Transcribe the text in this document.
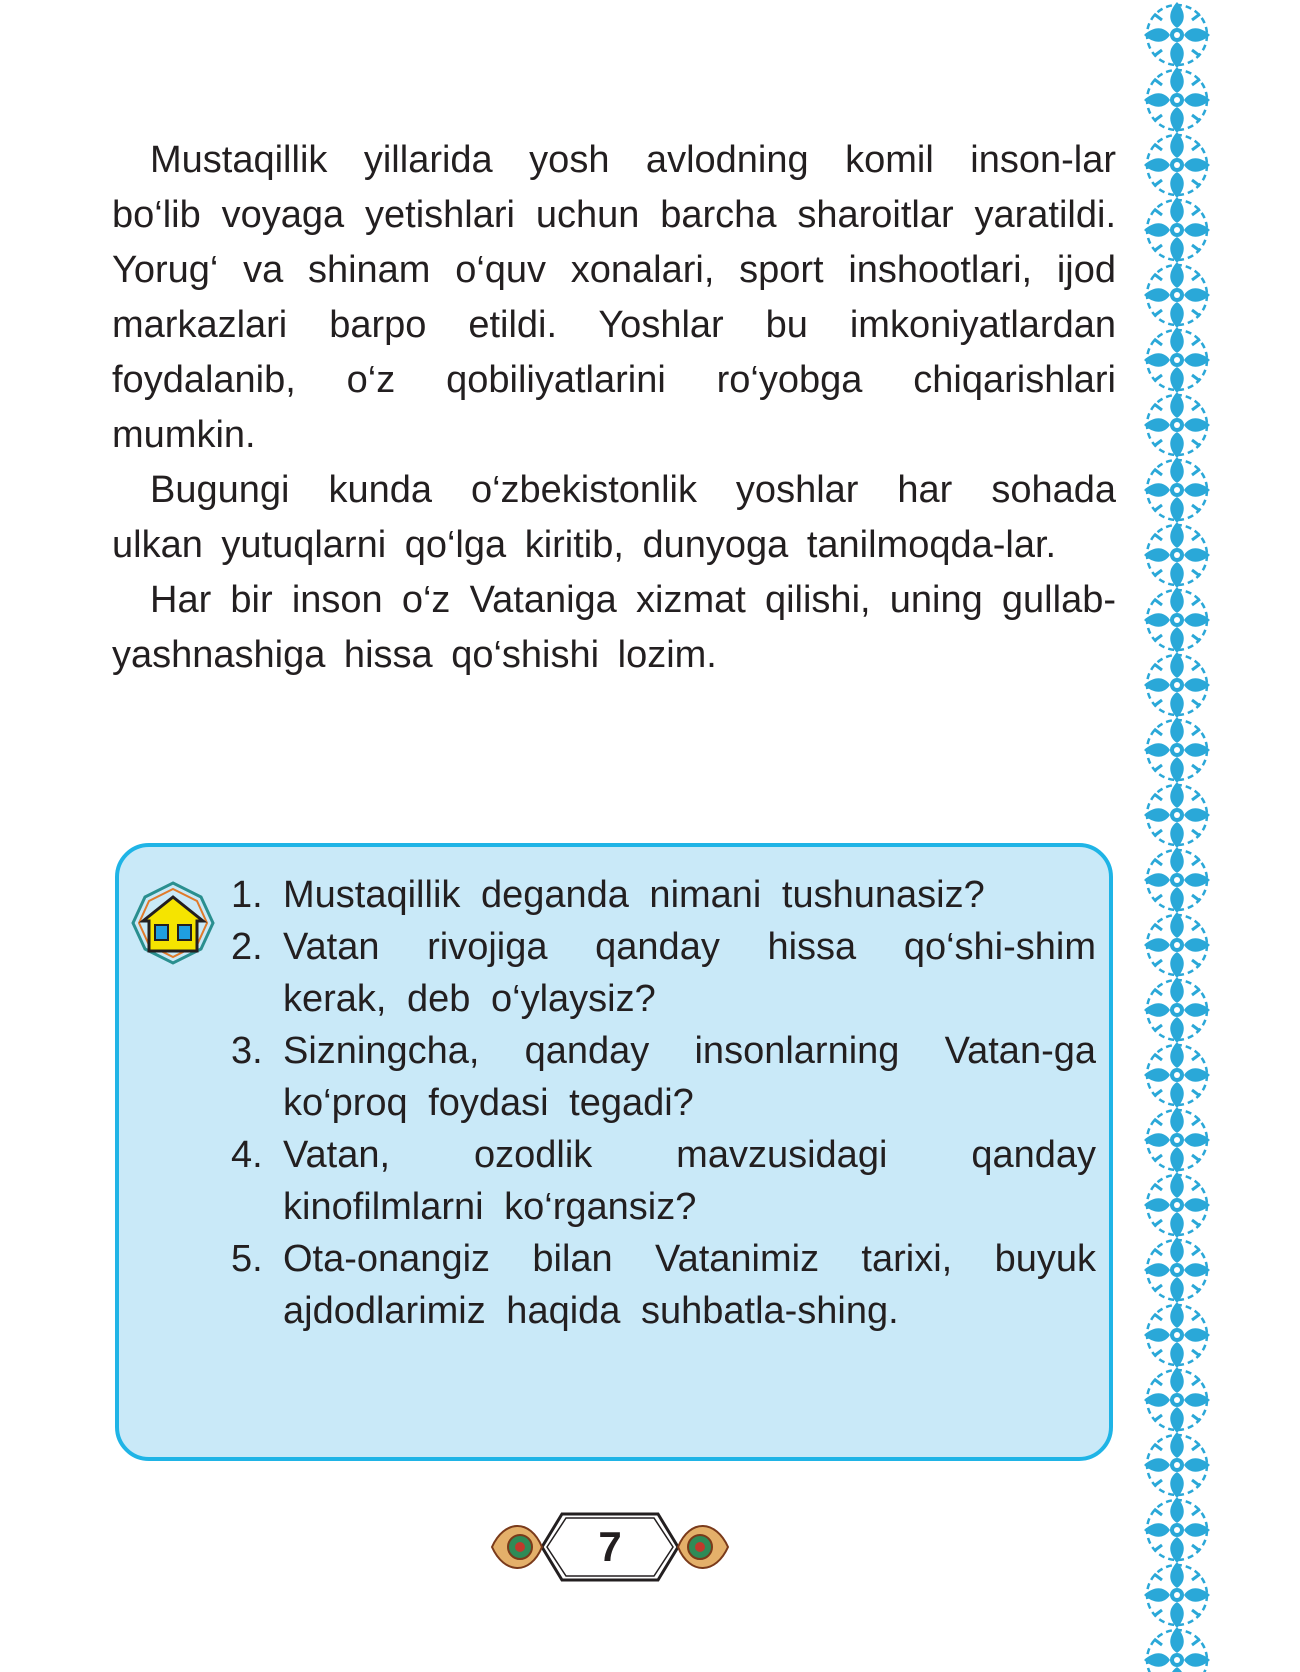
Mustaqillik yillarida yosh avlodning komil inson-lar bo‘lib voyaga yetishlari uchun barcha sharoitlar yaratildi. Yorug‘ va shinam o‘quv xonalari, sport inshootlari, ijod markazlari barpo etildi. Yoshlar bu imkoniyatlardan foydalanib, o‘z qobiliyatlarini ro‘yobga chiqarishlari mumkin.

Bugungi kunda o‘zbekistonlik yoshlar har sohada ulkan yutuqlarni qo‘lga kiritib, dunyoga tanilmoqda-lar.

Har bir inson o‘z Vataniga xizmat qilishi, uning gullab-yashnashiga hissa qo‘shishi lozim.

1. Mustaqillik deganda nimani tushunasiz?
2. Vatan rivojiga qanday hissa qo‘shi-shim kerak, deb o‘ylaysiz?
3. Sizningcha, qanday insonlarning Vatan-ga ko‘proq foydasi tegadi?
4. Vatan, ozodlik mavzusidagi qanday kinofilmlarni ko‘rgansiz?
5. Ota-onangiz bilan Vatanimiz tarixi, buyuk ajdodlarimiz haqida suhbatla-shing.
7
